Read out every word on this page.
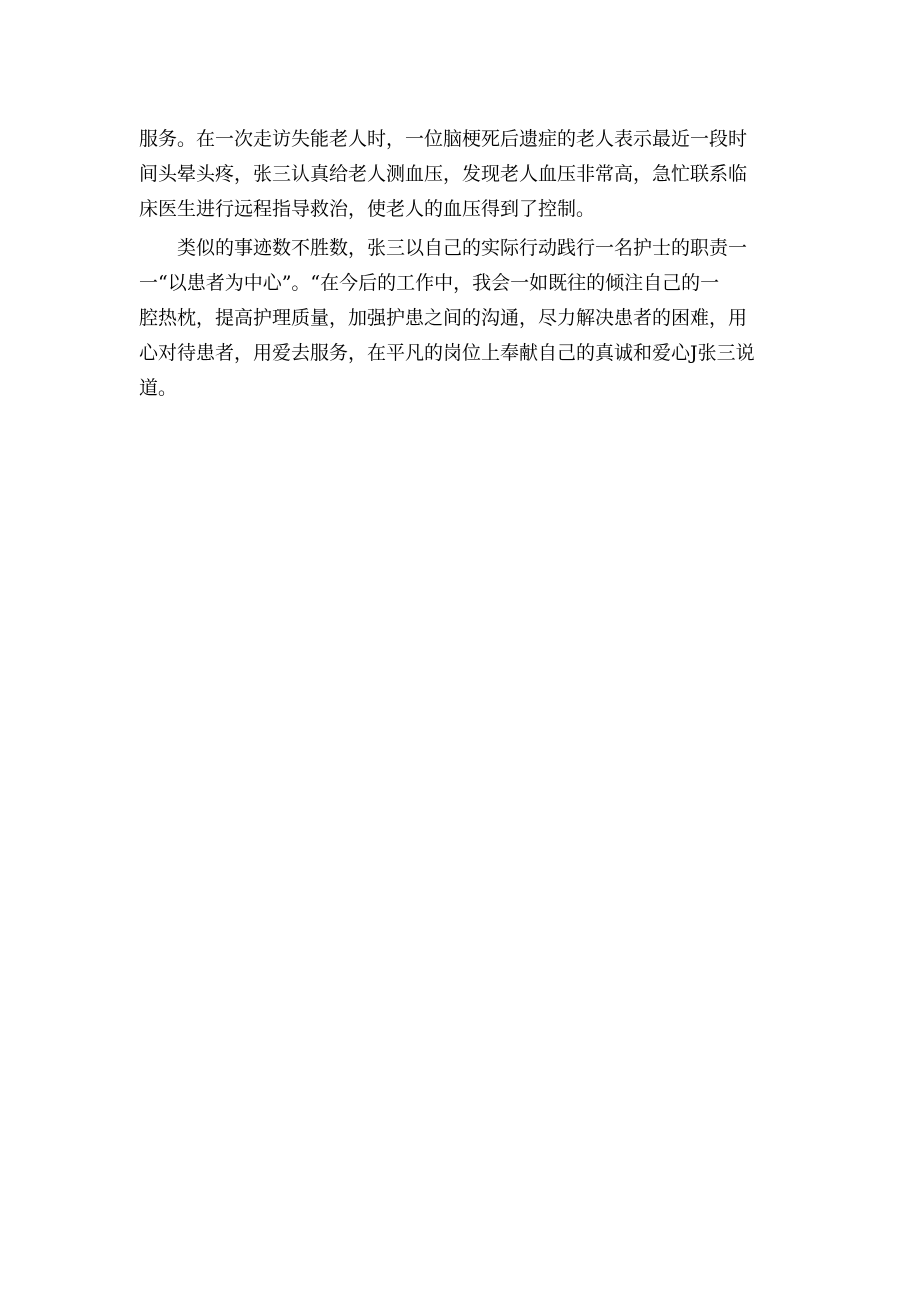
服务。在一次走访失能老人时，一位脑梗死后遗症的老人表示最近一段时
间头晕头疼，张三认真给老人测血压，发现老人血压非常高，急忙联系临
床医生进行远程指导救治，使老人的血压得到了控制。

类似的事迹数不胜数，张三以自己的实际行动践行一名护士的职责一
一“以患者为中心”。“在今后的工作中，我会一如既往的倾注自己的一
腔热枕，提高护理质量，加强护患之间的沟通，尽力解决患者的困难，用
心对待患者，用爱去服务，在平凡的岗位上奉献自己的真诚和爱心J张三说
道。
